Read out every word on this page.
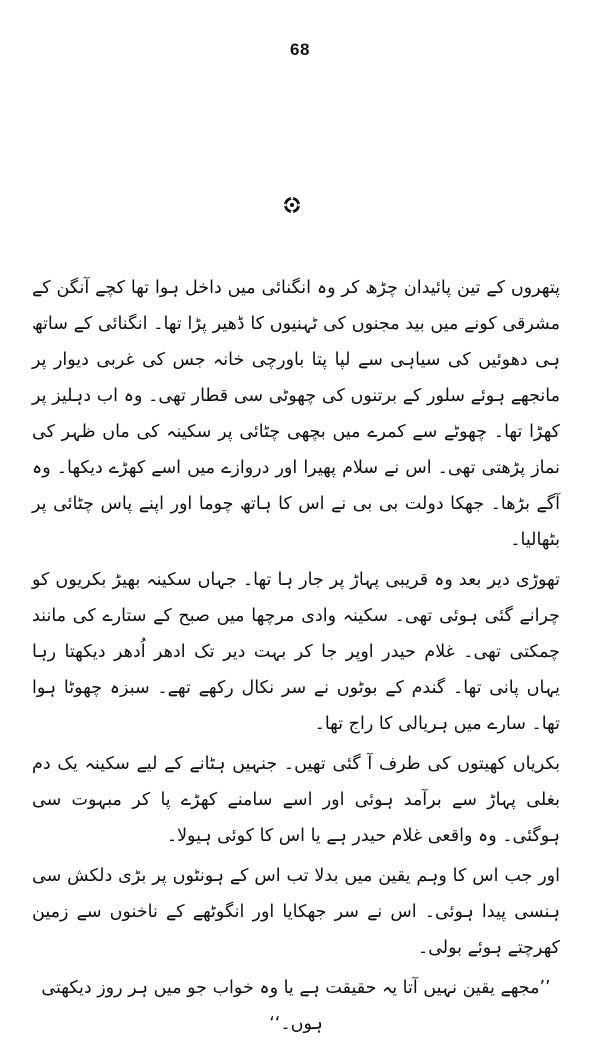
68

پتھروں کے تین پائیدان چڑھ کر وہ انگنائی میں داخل ہوا تھا کچے آنگن کے مشرقی کونے میں بید مجنوں کی ٹہنیوں کا ڈھیر پڑا تھا۔ انگنائی کے ساتھ ہی دھوئیں کی سیاہی سے لپا پتا باورچی خانہ جس کی غربی دیوار پر مانجھے ہوئے سلور کے برتنوں کی چھوٹی سی قطار تھی۔ وہ اب دہلیز پر کھڑا تھا۔ چھوٹے سے کمرے میں بچھی چٹائی پر سکینہ کی ماں ظہر کی نماز پڑھتی تھی۔ اس نے سلام پھیرا اور دروازے میں اسے کھڑے دیکھا۔ وہ آگے بڑھا۔ جھکا دولت بی بی نے اس کا ہاتھ چوما اور اپنے پاس چٹائی پر بٹھالیا۔

تھوڑی دیر بعد وہ قریبی پہاڑ پر جار ہا تھا۔ جہاں سکینہ بھیڑ بکریوں کو چرانے گئی ہوئی تھی۔ سکینہ وادی مرچھا میں صبح کے ستارے کی مانند چمکتی تھی۔ غلام حیدر اوپر جا کر بہت دیر تک ادھر اُدھر دیکھتا رہا یہاں پانی تھا۔ گندم کے بوٹوں نے سر نکال رکھے تھے۔ سبزہ چھوٹا ہوا تھا۔ سارے میں ہریالی کا راج تھا۔

بکریاں کھیتوں کی طرف آ گئی تھیں۔ جنہیں ہٹانے کے لیے سکینہ یک دم بغلی پہاڑ سے برآمد ہوئی اور اسے سامنے کھڑے پا کر مبہوت سی ہوگئی۔ وہ واقعی غلام حیدر ہے یا اس کا کوئی ہیولا۔

اور جب اس کا وہم یقین میں بدلا تب اس کے ہونٹوں پر بڑی دلکش سی ہنسی پیدا ہوئی۔ اس نے سر جھکایا اور انگوٹھے کے ناخنوں سے زمین کھرچتے ہوئے بولی۔

’’مجھے یقین نہیں آتا یہ حقیقت ہے یا وہ خواب جو میں ہر روز دیکھتی ہوں۔‘‘
